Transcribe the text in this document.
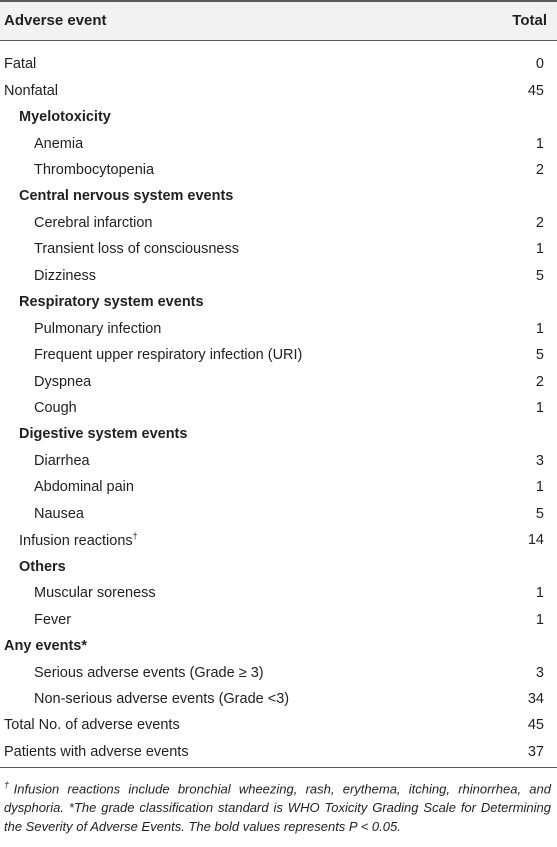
Adverse event	Total
Fatal	0
Nonfatal	45
Myelotoxicity
Anemia	1
Thrombocytopenia	2
Central nervous system events
Cerebral infarction	2
Transient loss of consciousness	1
Dizziness	5
Respiratory system events
Pulmonary infection	1
Frequent upper respiratory infection (URI)	5
Dyspnea	2
Cough	1
Digestive system events
Diarrhea	3
Abdominal pain	1
Nausea	5
Infusion reactions†	14
Others
Muscular soreness	1
Fever	1
Any events*
Serious adverse events (Grade ≥ 3)	3
Non-serious adverse events (Grade <3)	34
Total No. of adverse events	45
Patients with adverse events	37
†Infusion reactions include bronchial wheezing, rash, erythema, itching, rhinorrhea, and dysphoria. *The grade classification standard is WHO Toxicity Grading Scale for Determining the Severity of Adverse Events. The bold values represents P < 0.05.
